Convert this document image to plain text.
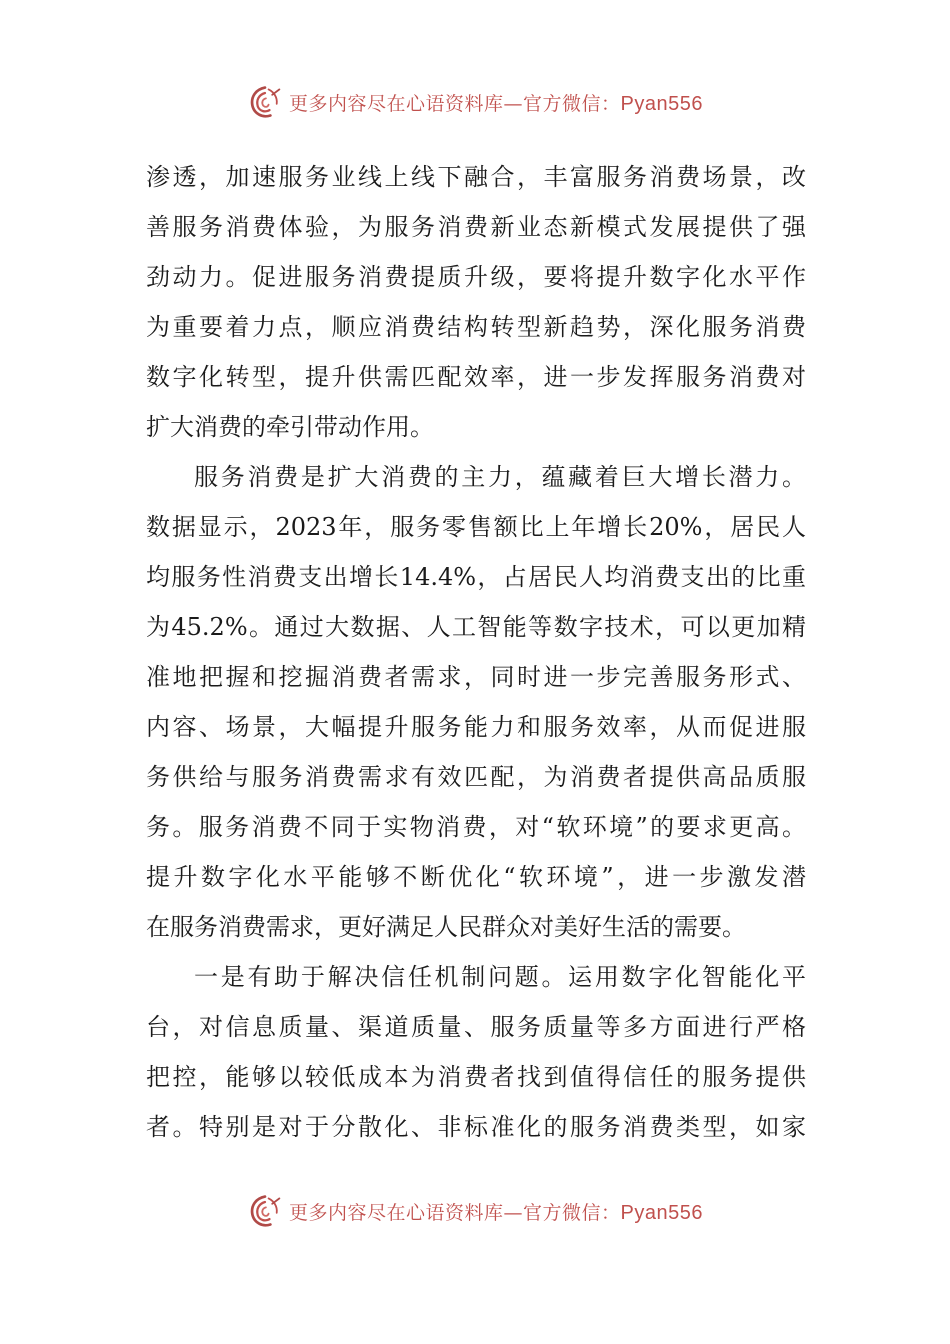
更多内容尽在心语资料库—官方微信：Pyan556
渗透，加速服务业线上线下融合，丰富服务消费场景，改
善服务消费体验，为服务消费新业态新模式发展提供了强
劲动力。促进服务消费提质升级，要将提升数字化水平作
为重要着力点，顺应消费结构转型新趋势，深化服务消费
数字化转型，提升供需匹配效率，进一步发挥服务消费对
扩大消费的牵引带动作用。
服务消费是扩大消费的主力，蕴藏着巨大增长潜力。
数据显示，2023年，服务零售额比上年增长20%，居民人
均服务性消费支出增长14.4%，占居民人均消费支出的比重
为45.2%。通过大数据、人工智能等数字技术，可以更加精
准地把握和挖掘消费者需求，同时进一步完善服务形式、
内容、场景，大幅提升服务能力和服务效率，从而促进服
务供给与服务消费需求有效匹配，为消费者提供高品质服
务。服务消费不同于实物消费，对“软环境”的要求更高。
提升数字化水平能够不断优化“软环境”，进一步激发潜
在服务消费需求，更好满足人民群众对美好生活的需要。
一是有助于解决信任机制问题。运用数字化智能化平
台，对信息质量、渠道质量、服务质量等多方面进行严格
把控，能够以较低成本为消费者找到值得信任的服务提供
者。特别是对于分散化、非标准化的服务消费类型，如家
更多内容尽在心语资料库—官方微信：Pyan556
